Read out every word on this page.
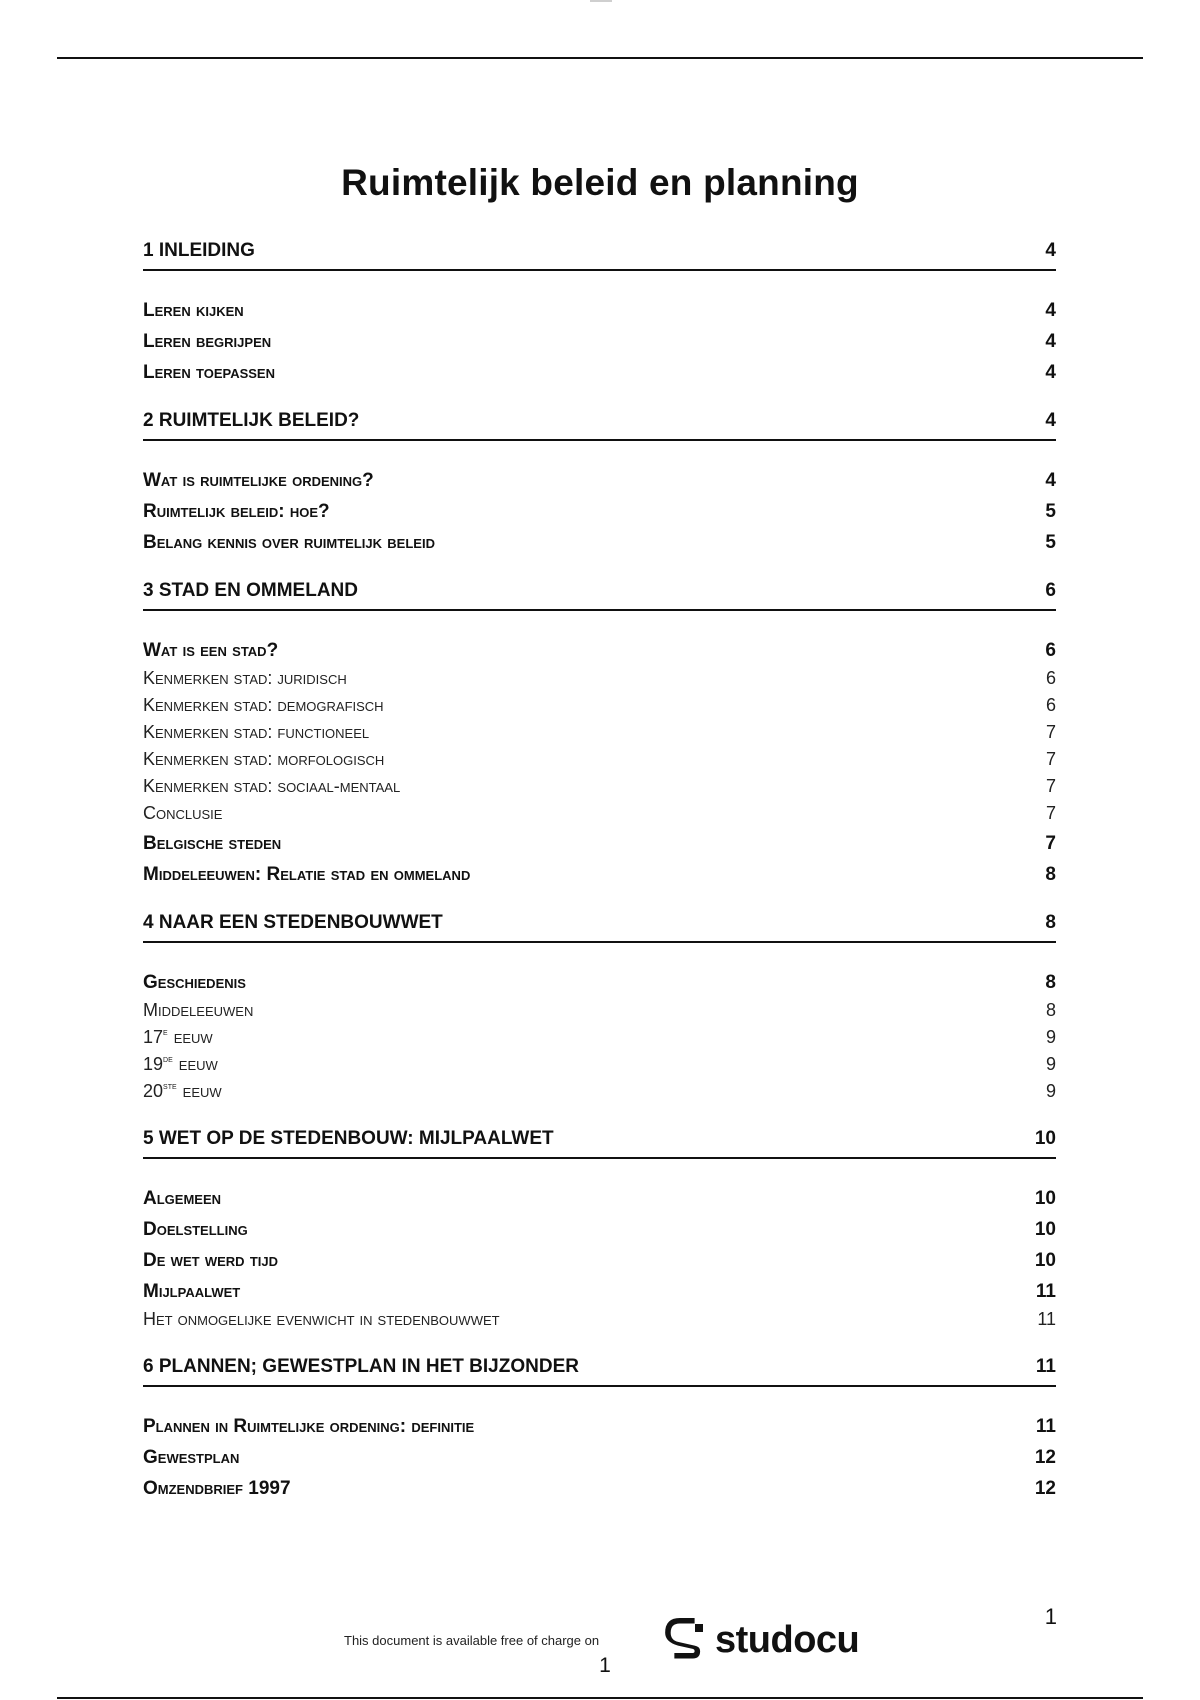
Ruimtelijk beleid en planning
1 INLEIDING	4
Leren kijken	4
Leren begrijpen	4
Leren toepassen	4
2 RUIMTELIJK BELEID?	4
Wat is ruimtelijke ordening?	4
Ruimtelijk beleid: hoe?	5
Belang kennis over ruimtelijk beleid	5
3 STAD EN OMMELAND	6
Wat is een stad?	6
Kenmerken stad: juridisch	6
Kenmerken stad: demografisch	6
Kenmerken stad: functioneel	7
Kenmerken stad: morfologisch	7
Kenmerken stad: sociaal-mentaal	7
Conclusie	7
Belgische steden	7
Middeleeuwen: Relatie stad en ommeland	8
4 NAAR EEN STEDENBOUWWET	8
Geschiedenis	8
Middeleeuwen	8
17e eeuw	9
19de eeuw	9
20ste eeuw	9
5 WET OP DE STEDENBOUW: MIJLPAALWET	10
Algemeen	10
Doelstelling	10
De wet werd tijd	10
Mijlpaalwet	11
Het onmogelijke evenwicht in stedenbouwwet	11
6 PLANNEN; GEWESTPLAN IN HET BIJZONDER	11
Plannen in Ruimtelijke ordening: definitie	11
Gewestplan	12
Omzendbrief 1997	12
This document is available free of charge on	studocu
1
1
